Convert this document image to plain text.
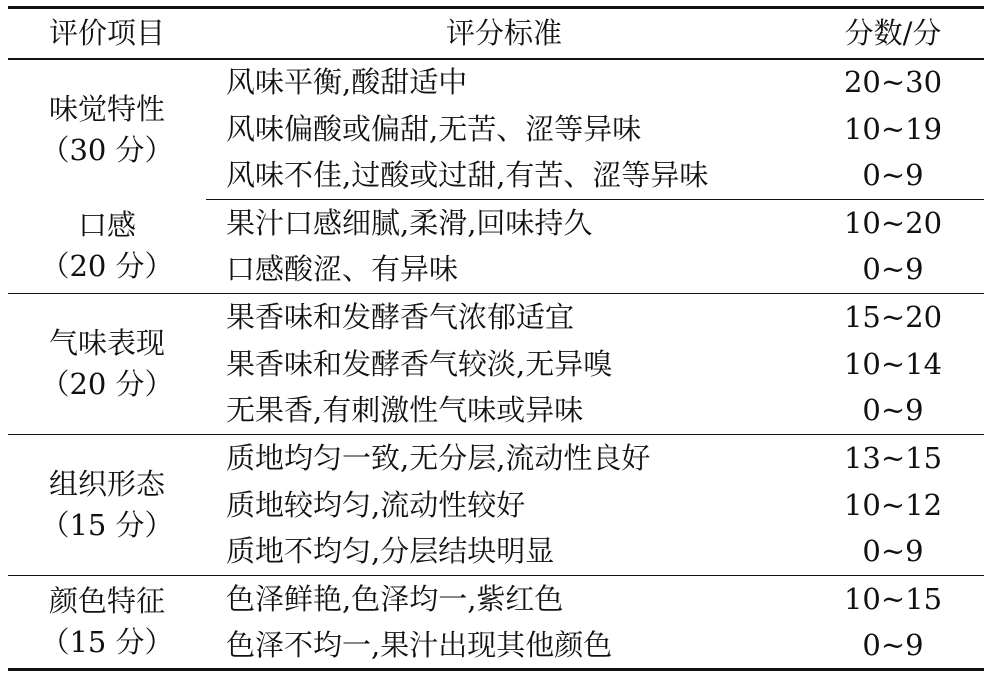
评价项目	评分标准	分数/分

味觉特性
（30 分）	风味平衡,酸甜适中	20~30
	风味偏酸或偏甜,无苦、涩等异味	10~19
	风味不佳,过酸或过甜,有苦、涩等异味	0~9

口感
（20 分）	果汁口感细腻,柔滑,回味持久	10~20
	口感酸涩、有异味	0~9

气味表现
（20 分）	果香味和发酵香气浓郁适宜	15~20
	果香味和发酵香气较淡,无异嗅	10~14
	无果香,有刺激性气味或异味	0~9

组织形态
（15 分）	质地均匀一致,无分层,流动性良好	13~15
	质地较均匀,流动性较好	10~12
	质地不均匀,分层结块明显	0~9

颜色特征
（15 分）	色泽鲜艳,色泽均一,紫红色	10~15
	色泽不均一,果汁出现其他颜色	0~9
